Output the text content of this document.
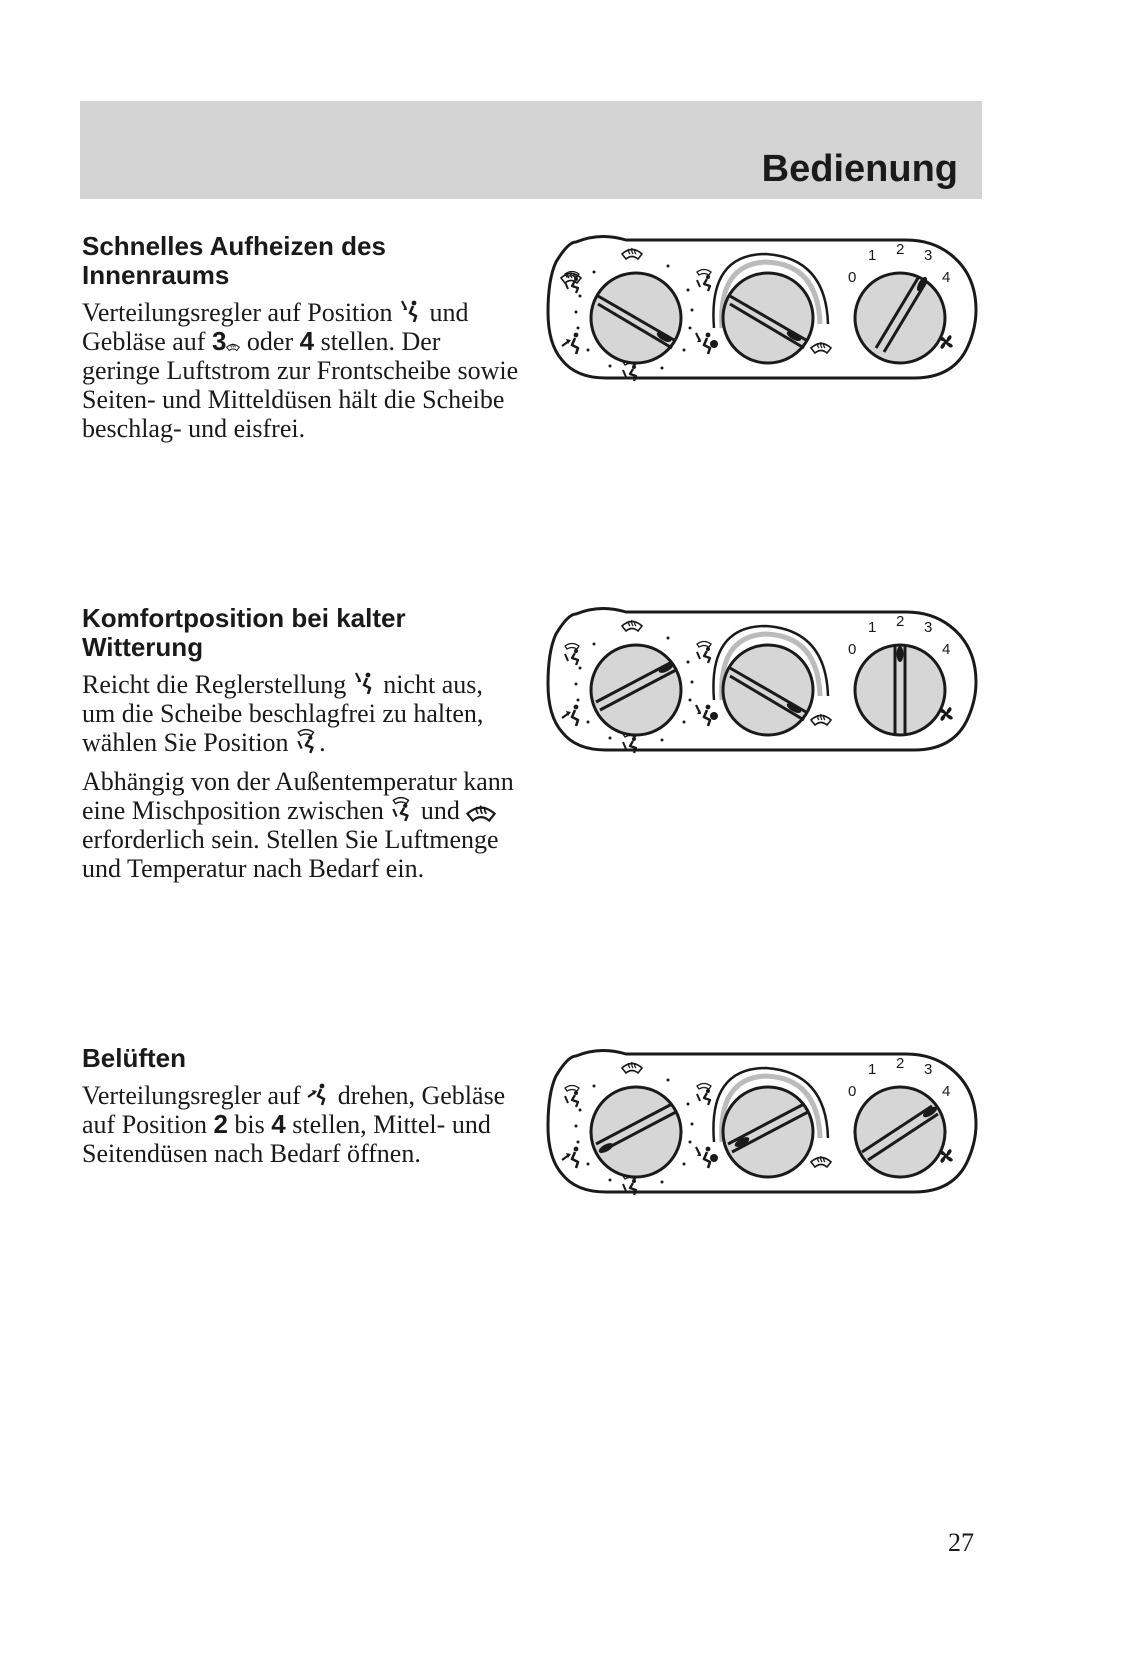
Bedienung
Schnelles Aufheizen des
Innenraums

Verteilungsregler auf Position und Gebläse auf 3 oder 4 stellen. Der geringe Luftstrom zur Frontscheibe sowie Seiten- und Mitteldüsen hält die Scheibe beschlag- und eisfrei.

Komfortposition bei kalter
Witterung

Reicht die Reglerstellung nicht aus, um die Scheibe beschlagfrei zu halten, wählen Sie Position .

Abhängig von der Außentemperatur kann eine Mischposition zwischen und  erforderlich sein. Stellen Sie Luftmenge und Temperatur nach Bedarf ein.

Belüften

Verteilungsregler auf drehen, Gebläse auf Position 2 bis 4 stellen, Mittel- und Seitendüsen nach Bedarf öffnen.

0
1 2 3
4
0
1 2 3
4
0
1 2 3
4
27
